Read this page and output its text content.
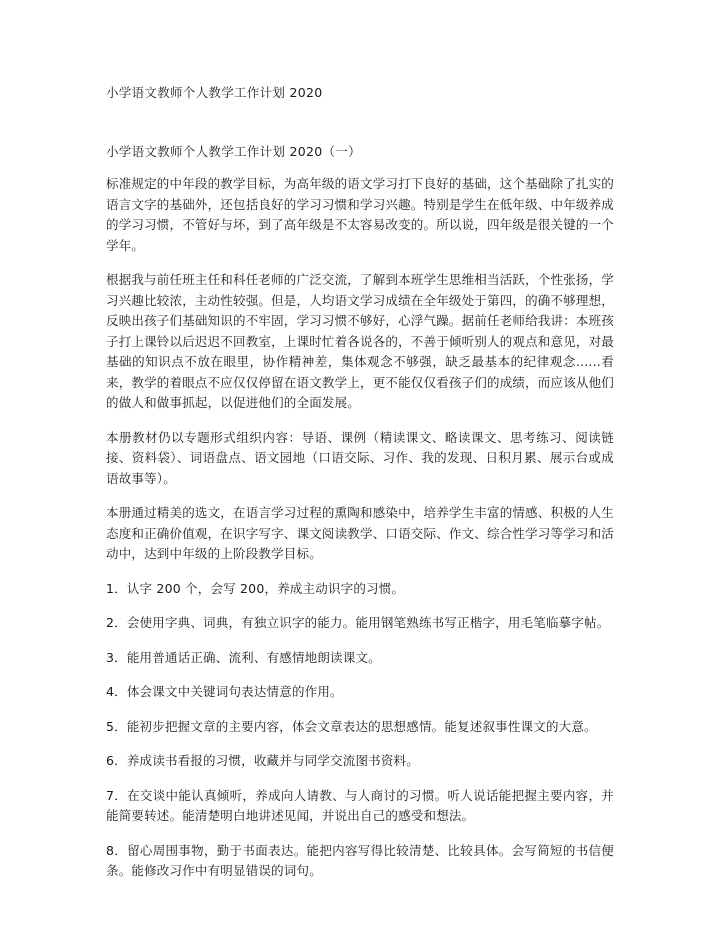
小学语文教师个人教学工作计划 2020
小学语文教师个人教学工作计划 2020（一）

标准规定的中年段的教学目标，为高年级的语文学习打下良好的基础，这个基础除了扎实的语言文字的基础外，还包括良好的学习习惯和学习兴趣。特别是学生在低年级、中年级养成的学习习惯，不管好与坏，到了高年级是不太容易改变的。所以说，四年级是很关键的一个学年。

根据我与前任班主任和科任老师的广泛交流，了解到本班学生思维相当活跃，个性张扬，学习兴趣比较浓，主动性较强。但是，人均语文学习成绩在全年级处于第四，的确不够理想，反映出孩子们基础知识的不牢固，学习习惯不够好，心浮气躁。据前任老师给我讲：本班孩子打上课铃以后迟迟不回教室，上课时忙着各说各的，不善于倾听别人的观点和意见，对最基础的知识点不放在眼里，协作精神差，集体观念不够强，缺乏最基本的纪律观念......看来，教学的着眼点不应仅仅停留在语文教学上，更不能仅仅看孩子们的成绩，而应该从他们的做人和做事抓起，以促进他们的全面发展。

本册教材仍以专题形式组织内容：导语、课例（精读课文、略读课文、思考练习、阅读链接、资料袋）、词语盘点、语文园地（口语交际、习作、我的发现、日积月累、展示台或成语故事等）。

本册通过精美的选文，在语言学习过程的熏陶和感染中，培养学生丰富的情感、积极的人生态度和正确价值观，在识字写字、课文阅读教学、口语交际、作文、综合性学习等学习和活动中，达到中年级的上阶段教学目标。

1．认字 200 个，会写 200，养成主动识字的习惯。

2．会使用字典、词典，有独立识字的能力。能用钢笔熟练书写正楷字，用毛笔临摹字帖。

3．能用普通话正确、流利、有感情地朗读课文。

4．体会课文中关键词句表达情意的作用。

5．能初步把握文章的主要内容，体会文章表达的思想感情。能复述叙事性课文的大意。

6．养成读书看报的习惯，收藏并与同学交流图书资料。

7．在交谈中能认真倾听，养成向人请教、与人商讨的习惯。听人说话能把握主要内容，并能简要转述。能清楚明白地讲述见闻，并说出自己的感受和想法。

8．留心周围事物，勤于书面表达。能把内容写得比较清楚、比较具体。会写简短的书信便条。能修改习作中有明显错误的词句。
